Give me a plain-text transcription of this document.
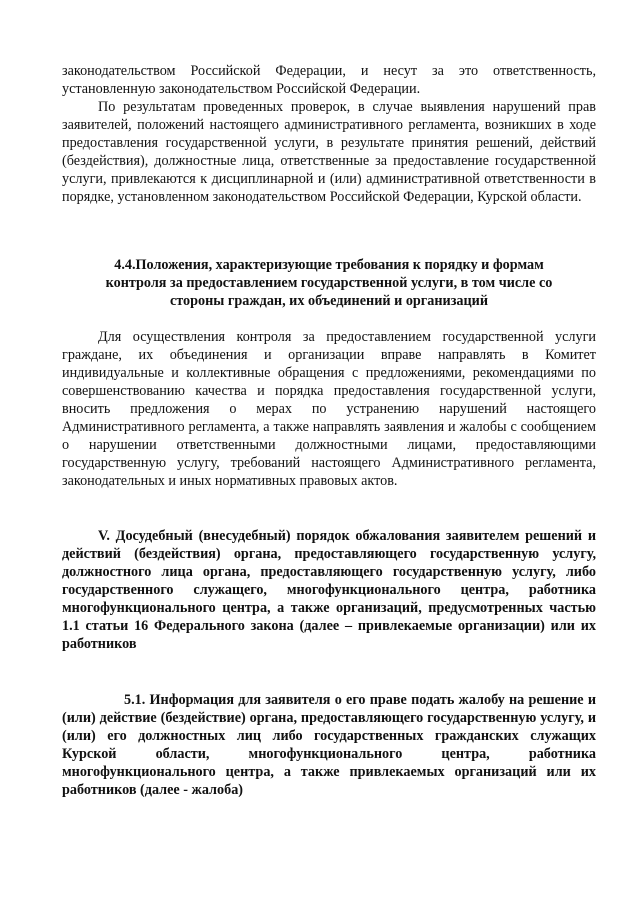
законодательством Российской Федерации, и несут за это ответственность, установленную законодательством Российской Федерации.

По результатам проведенных проверок, в случае выявления нарушений прав заявителей, положений настоящего административного регламента, возникших в ходе предоставления государственной услуги, в результате принятия решений, действий (бездействия), должностные лица, ответственные за предоставление государственной услуги, привлекаются к дисциплинарной и (или) административной ответственности в порядке, установленном законодательством Российской Федерации, Курской области.

4.4.Положения, характеризующие требования к порядку и формам контроля за предоставлением государственной услуги, в том числе со стороны граждан, их объединений и организаций

Для осуществления контроля за предоставлением государственной услуги граждане, их объединения и организации вправе направлять в Комитет индивидуальные и коллективные обращения с предложениями, рекомендациями по совершенствованию качества и порядка предоставления государственной услуги, вносить предложения о мерах по устранению нарушений настоящего Административного регламента, а также направлять заявления и жалобы с сообщением о нарушении ответственными должностными лицами, предоставляющими государственную услугу, требований настоящего Административного регламента, законодательных и иных нормативных правовых актов.

V. Досудебный (внесудебный) порядок обжалования заявителем решений и действий (бездействия) органа, предоставляющего государственную услугу, должностного лица органа, предоставляющего государственную услугу, либо государственного служащего, многофункционального центра, работника многофункционального центра, а также организаций, предусмотренных частью 1.1 статьи 16 Федерального закона (далее – привлекаемые организации) или их работников

5.1. Информация для заявителя о его праве подать жалобу на решение и (или) действие (бездействие) органа, предоставляющего государственную услугу, и (или) его должностных лиц либо государственных гражданских служащих Курской области, многофункционального центра, работника многофункционального центра, а также привлекаемых организаций или их работников (далее - жалоба)
